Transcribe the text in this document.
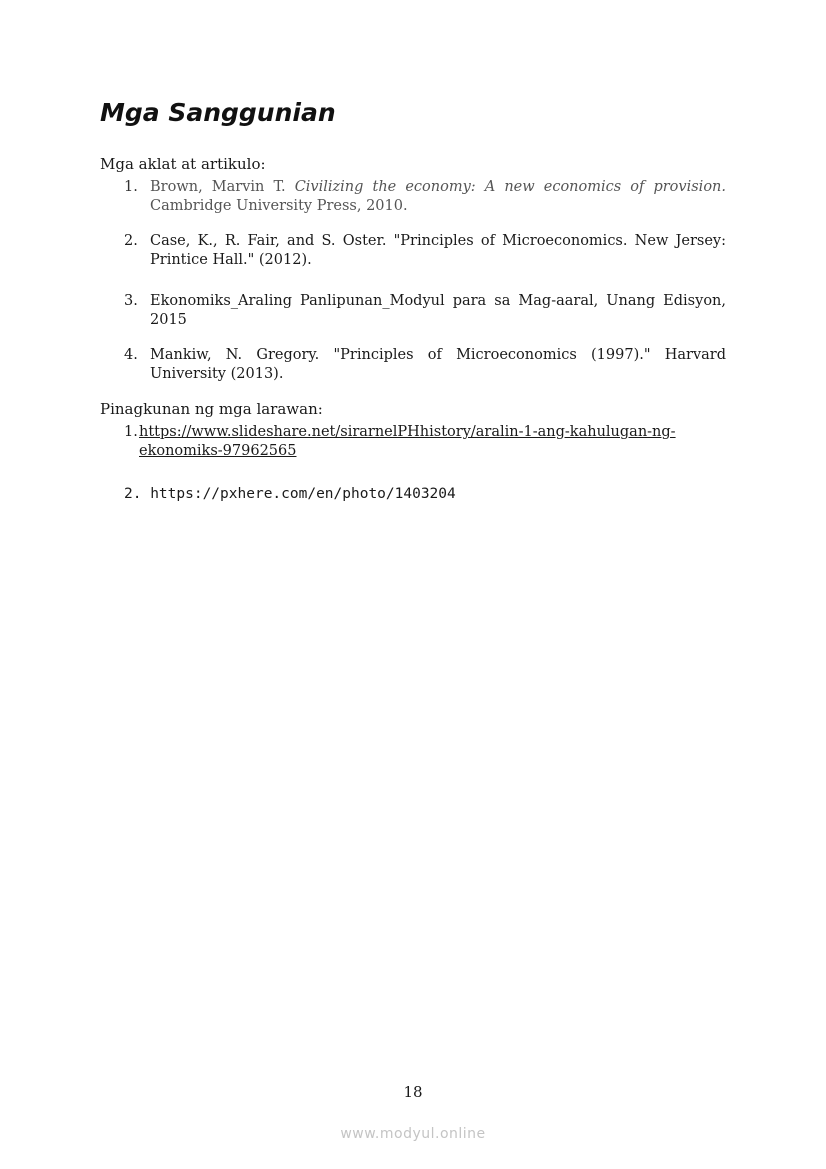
Mga Sanggunian
Mga aklat at artikulo:
1. Brown, Marvin T. Civilizing the economy: A new economics of provision. Cambridge University Press, 2010.
2. Case, K., R. Fair, and S. Oster. "Principles of Microeconomics. New Jersey: Printice Hall." (2012).
3. Ekonomiks_Araling Panlipunan_Modyul para sa Mag-aaral, Unang Edisyon, 2015
4. Mankiw, N. Gregory. "Principles of Microeconomics (1997)." Harvard University (2013).
Pinagkunan ng mga larawan:
1. https://www.slideshare.net/sirarnelPHhistory/aralin-1-ang-kahulugan-ng-ekonomiks-97962565
2. https://pxhere.com/en/photo/1403204
18
www.modyul.online
